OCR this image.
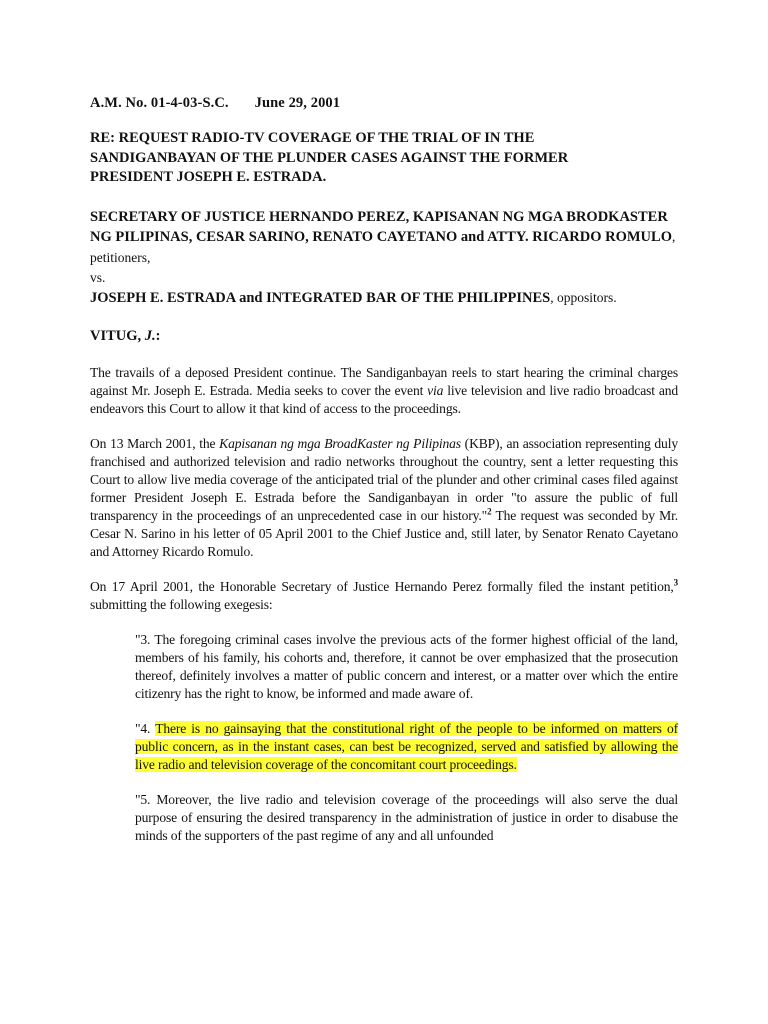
A.M. No. 01-4-03-S.C. June 29, 2001
RE: REQUEST RADIO-TV COVERAGE OF THE TRIAL OF IN THE
SANDIGANBAYAN OF THE PLUNDER CASES AGAINST THE FORMER
PRESIDENT JOSEPH E. ESTRADA.
SECRETARY OF JUSTICE HERNANDO PEREZ, KAPISANAN NG MGA BRODKASTER NG PILIPINAS, CESAR SARINO, RENATO CAYETANO and ATTY. RICARDO ROMULO, petitioners,
vs.
JOSEPH E. ESTRADA and INTEGRATED BAR OF THE PHILIPPINES, oppositors.
VITUG, J.:

The travails of a deposed President continue. The Sandiganbayan reels to start hearing the criminal charges against Mr. Joseph E. Estrada. Media seeks to cover the event via live television and live radio broadcast and endeavors this Court to allow it that kind of access to the proceedings.

On 13 March 2001, the Kapisanan ng mga BroadKaster ng Pilipinas (KBP), an association representing duly franchised and authorized television and radio networks throughout the country, sent a letter requesting this Court to allow live media coverage of the anticipated trial of the plunder and other criminal cases filed against former President Joseph E. Estrada before the Sandiganbayan in order "to assure the public of full transparency in the proceedings of an unprecedented case in our history."$^2$ The request was seconded by Mr. Cesar N. Sarino in his letter of 05 April 2001 to the Chief Justice and, still later, by Senator Renato Cayetano and Attorney Ricardo Romulo.

On 17 April 2001, the Honorable Secretary of Justice Hernando Perez formally filed the instant petition,$^3$ submitting the following exegesis:

"3. The foregoing criminal cases involve the previous acts of the former highest official of the land, members of his family, his cohorts and, therefore, it cannot be over emphasized that the prosecution thereof, definitely involves a matter of public concern and interest, or a matter over which the entire citizenry has the right to know, be informed and made aware of.

"4. There is no gainsaying that the constitutional right of the people to be informed on matters of public concern, as in the instant cases, can best be recognized, served and satisfied by allowing the live radio and television coverage of the concomitant court proceedings.

"5. Moreover, the live radio and television coverage of the proceedings will also serve the dual purpose of ensuring the desired transparency in the administration of justice in order to disabuse the minds of the supporters of the past regime of any and all unfounded
